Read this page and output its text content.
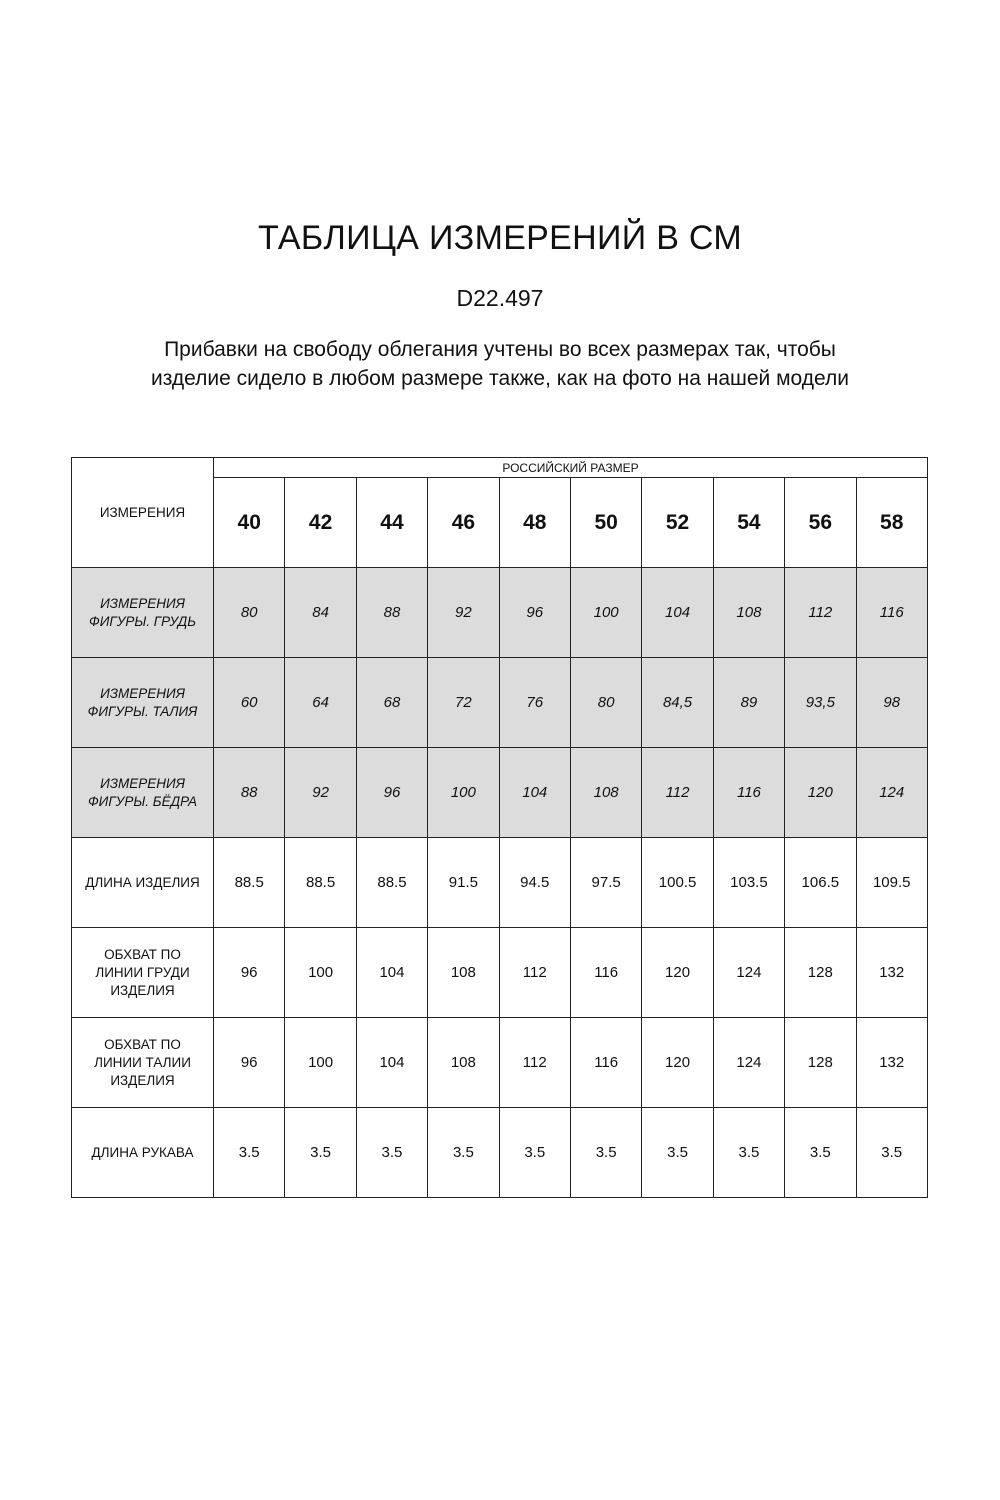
ТАБЛИЦА ИЗМЕРЕНИЙ В СМ
D22.497
Прибавки на свободу облегания учтены во всех размерах так, чтобы
изделие сидело в любом размере также, как на фото на нашей модели
ИЗМЕРЕНИЯ	РОССИЙСКИЙ РАЗМЕР									
	40	42	44	46	48	50	52	54	56	58

ИЗМЕРЕНИЯ
ФИГУРЫ. ГРУДЬ	80	84	88	92	96	100	104	108	112	116

ИЗМЕРЕНИЯ
ФИГУРЫ. ТАЛИЯ	60	64	68	72	76	80	84,5	89	93,5	98

ИЗМЕРЕНИЯ
ФИГУРЫ. БЁДРА	88	92	96	100	104	108	112	116	120	124

ДЛИНА ИЗДЕЛИЯ	88.5	88.5	88.5	91.5	94.5	97.5	100.5	103.5	106.5	109.5

ОБХВАТ ПО
ЛИНИИ ГРУДИ
ИЗДЕЛИЯ	96	100	104	108	112	116	120	124	128	132

ОБХВАТ ПО
ЛИНИИ ТАЛИИ
ИЗДЕЛИЯ	96	100	104	108	112	116	120	124	128	132

ДЛИНА РУКАВА	3.5	3.5	3.5	3.5	3.5	3.5	3.5	3.5	3.5	3.5
